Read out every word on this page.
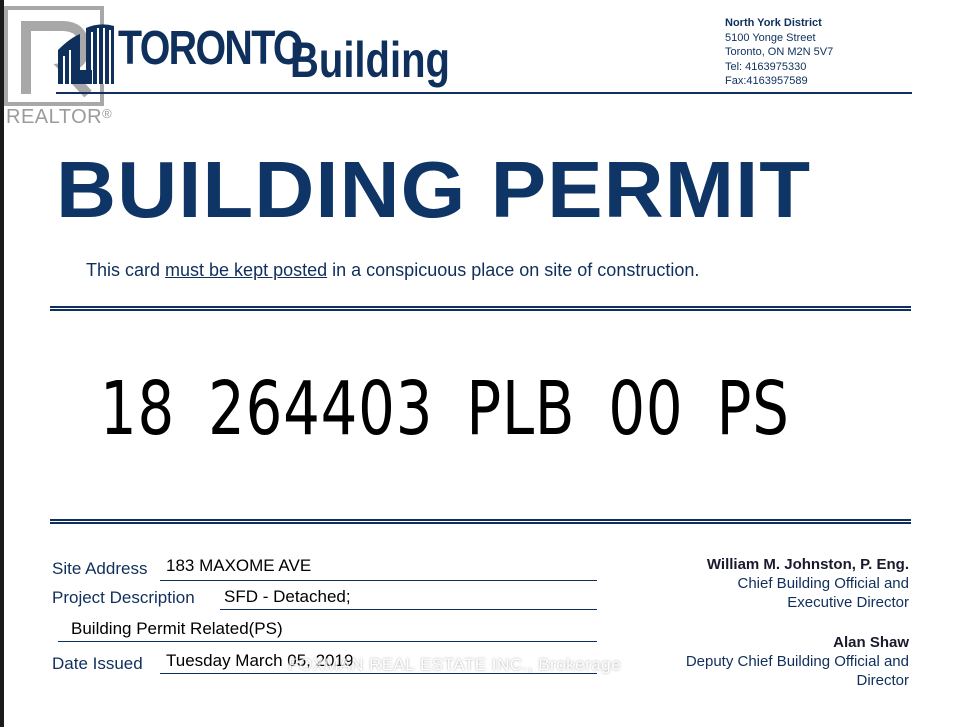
REALTOR®
TORONTO
Building
North York District
5100 Yonge Street
Toronto, ON M2N 5V7
Tel: 4163975330
Fax:4163957589
BUILDING PERMIT
This card must be kept posted in a conspicuous place on site of construction.
18 264403 PLB 00 PS
Site Address 183 MAXOME AVE
Project Description SFD - Detached;
Building Permit Related(PS)
Date Issued Tuesday March 05, 2019
William M. Johnston, P. Eng.
Chief Building Official and
Executive Director
Alan Shaw
Deputy Chief Building Official and
Director
FOXMAN REAL ESTATE INC., Brokerage
